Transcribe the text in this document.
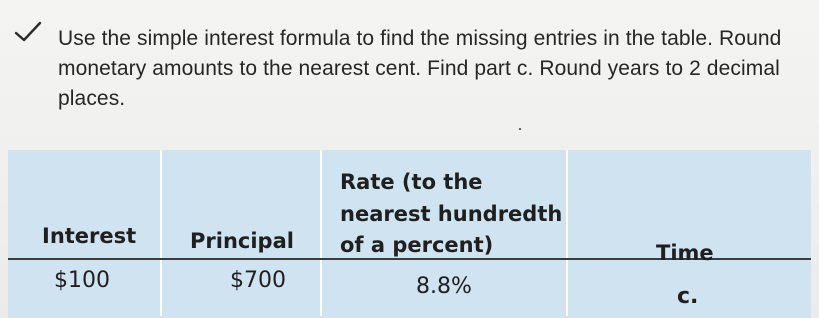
Use the simple interest formula to find the missing entries in the table. Round monetary amounts to the nearest cent. Find part c. Round years to 2 decimal places.
Interest	Principal	Rate (to the
nearest hundredth
of a percent)	Time

$100	$700	8.8%	c.
